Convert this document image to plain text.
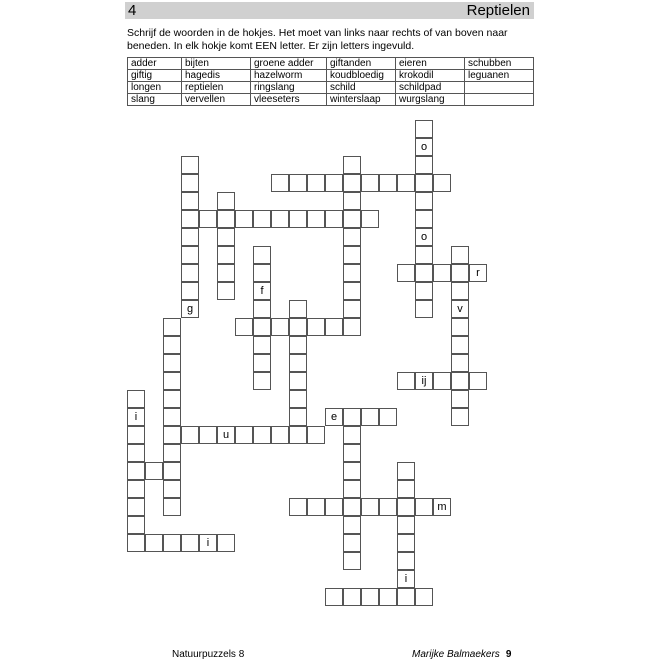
4	Reptielen
Schrijf de woorden in de hokjes. Het moet van links naar rechts of van boven naar beneden. In elk hokje komt EEN letter. Er zijn letters ingevuld.
adder	bijten	groene adder	giftanden	eieren	schubben
giftig	hagedis	hazelworm	koudbloedig	krokodil	leguanen
longen	reptielen	ringslang	schild	schildpad	
slang	vervellen	vleeseters	winterslaap	wurgslang	
o
o
g
f
v
i
i
r
ij
u
e
m
i
Natuurpuzzels 8	Marijke Balmaekers 9
